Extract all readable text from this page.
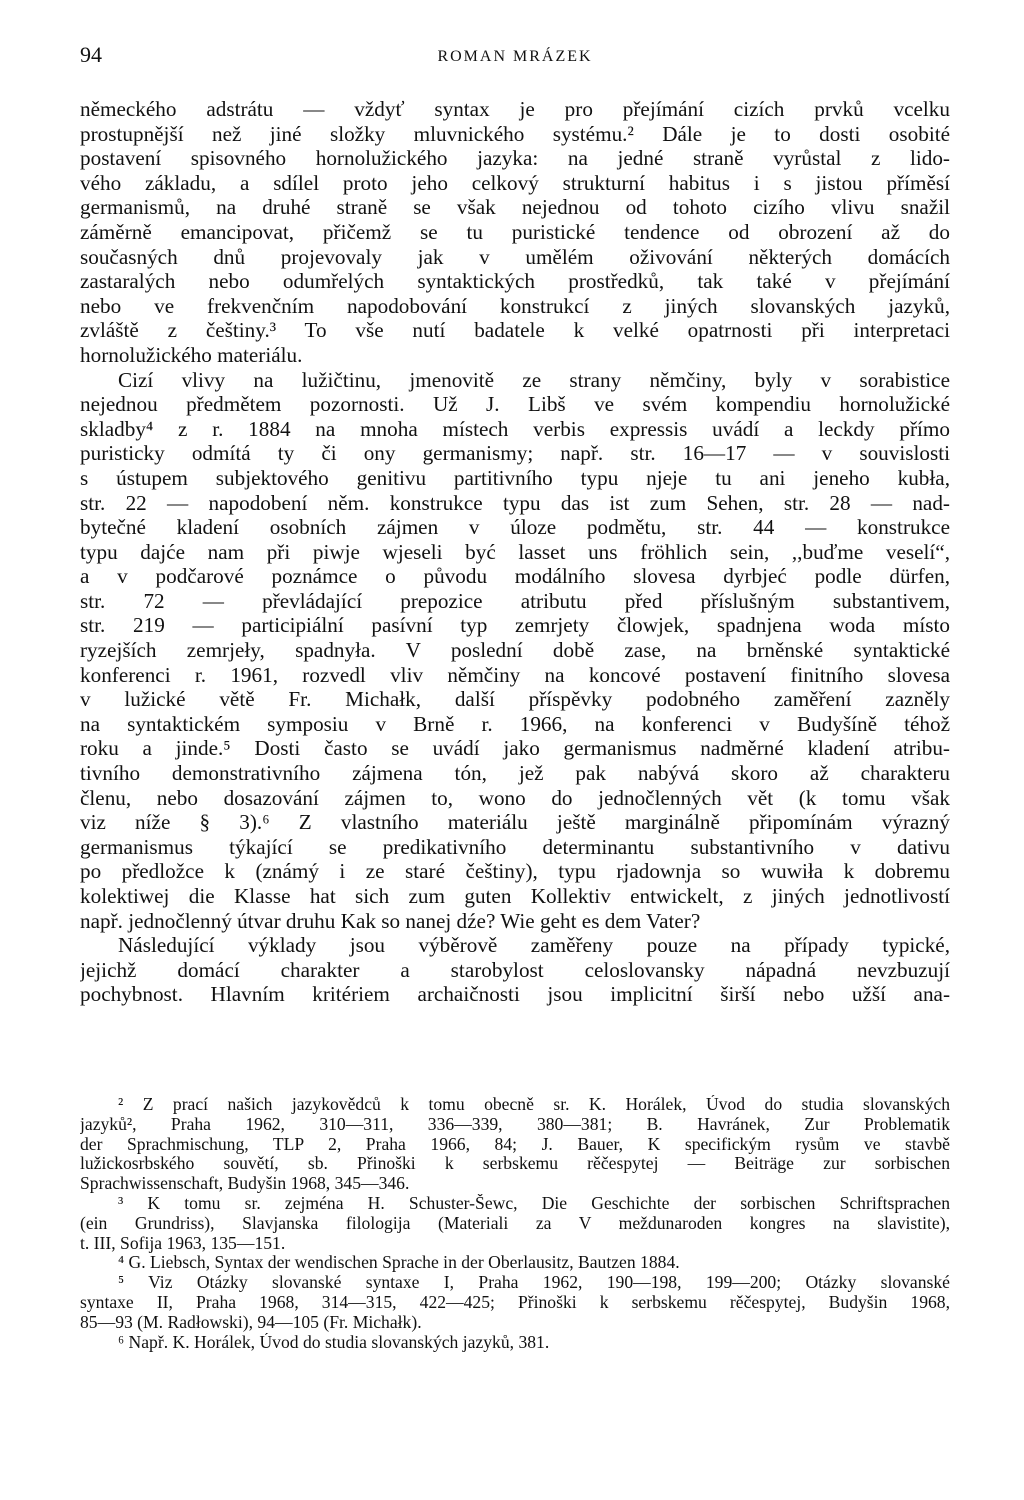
94	ROMAN MRÁZEK
německého adstrátu — vždyť syntax je pro přejímání cizích prvků vcelku
prostupnější než jiné složky mluvnického systému.² Dále je to dosti osobité
postavení spisovného hornolužického jazyka: na jedné straně vyrůstal z lido-
vého základu, a sdílel proto jeho celkový strukturní habitus i s jistou příměsí
germanismů, na druhé straně se však nejednou od tohoto cizího vlivu snažil
záměrně emancipovat, přičemž se tu puristické tendence od obrození až do
současných dnů projevovaly jak v umělém oživování některých domácích
zastaralých nebo odumřelých syntaktických prostředků, tak také v přejímání
nebo ve frekvenčním napodobování konstrukcí z jiných slovanských jazyků,
zvláště z češtiny.³ To vše nutí badatele k velké opatrnosti při interpretaci
hornolužického materiálu.
Cizí vlivy na lužičtinu, jmenovitě ze strany němčiny, byly v sorabistice
nejednou předmětem pozornosti. Už J. Libš ve svém kompendiu hornolužické
skladby⁴ z r. 1884 na mnoha místech verbis expressis uvádí a leckdy přímo
puristicky odmítá ty či ony germanismy; např. str. 16—17 — v souvislosti
s ústupem subjektového genitivu partitivního typu njeje tu ani jeneho kubła,
str. 22 — napodobení něm. konstrukce typu das ist zum Sehen, str. 28 — nad-
bytečné kladení osobních zájmen v úloze podmětu, str. 44 — konstrukce
typu dajće nam při piwje wjeseli być lasset uns fröhlich sein, ,,buďme veselí“,
a v podčarové poznámce o původu modálního slovesa dyrbjeć podle dürfen,
str. 72 — převládající prepozice atributu před příslušným substantivem,
str. 219 — participiální pasívní typ zemrjety člowjek, spadnjena woda místo
ryzejších zemrjeły, spadnyła. V poslední době zase, na brněnské syntaktické
konferenci r. 1961, rozvedl vliv němčiny na koncové postavení finitního slovesa
v lužické větě Fr. Michałk, další příspěvky podobného zaměření zazněly
na syntaktickém symposiu v Brně r. 1966, na konferenci v Budyšíně téhož
roku a jinde.⁵ Dosti často se uvádí jako germanismus nadměrné kladení atribu-
tivního demonstrativního zájmena tón, jež pak nabývá skoro až charakteru
členu, nebo dosazování zájmen to, wono do jednočlenných vět (k tomu však
viz níže § 3).⁶ Z vlastního materiálu ještě marginálně připomínám výrazný
germanismus týkající se predikativního determinantu substantivního v dativu
po předložce k (známý i ze staré češtiny), typu rjadownja so wuwiła k dobremu
kolektiwej die Klasse hat sich zum guten Kollektiv entwickelt, z jiných jednotlivostí
např. jednočlenný útvar druhu Kak so nanej dźe? Wie geht es dem Vater?
Následující výklady jsou výběrově zaměřeny pouze na případy typické,
jejichž domácí charakter a starobylost celoslovansky nápadná nevzbuzují
pochybnost. Hlavním kritériem archaičnosti jsou implicitní širší nebo užší ana-
² Z prací našich jazykovědců k tomu obecně sr. K. Horálek, Úvod do studia slovanských
jazyků², Praha 1962, 310—311, 336—339, 380—381; B. Havránek, Zur Problematik
der Sprachmischung, TLP 2, Praha 1966, 84; J. Bauer, K specifickým rysům ve stavbě
lužickosrbského souvětí, sb. Přinoški k serbskemu rěčespytej — Beiträge zur sorbischen
Sprachwissenschaft, Budyšin 1968, 345—346.
³ K tomu sr. zejména H. Schuster-Šewc, Die Geschichte der sorbischen Schriftsprachen
(ein Grundriss), Slavjanska filologija (Materiali za V meždunaroden kongres na slavistite),
t. III, Sofija 1963, 135—151.
⁴ G. Liebsch, Syntax der wendischen Sprache in der Oberlausitz, Bautzen 1884.
⁵ Viz Otázky slovanské syntaxe I, Praha 1962, 190—198, 199—200; Otázky slovanské
syntaxe II, Praha 1968, 314—315, 422—425; Přinoški k serbskemu rěčespytej, Budyšin 1968,
85—93 (M. Radłowski), 94—105 (Fr. Michałk).
⁶ Např. K. Horálek, Úvod do studia slovanských jazyků, 381.
